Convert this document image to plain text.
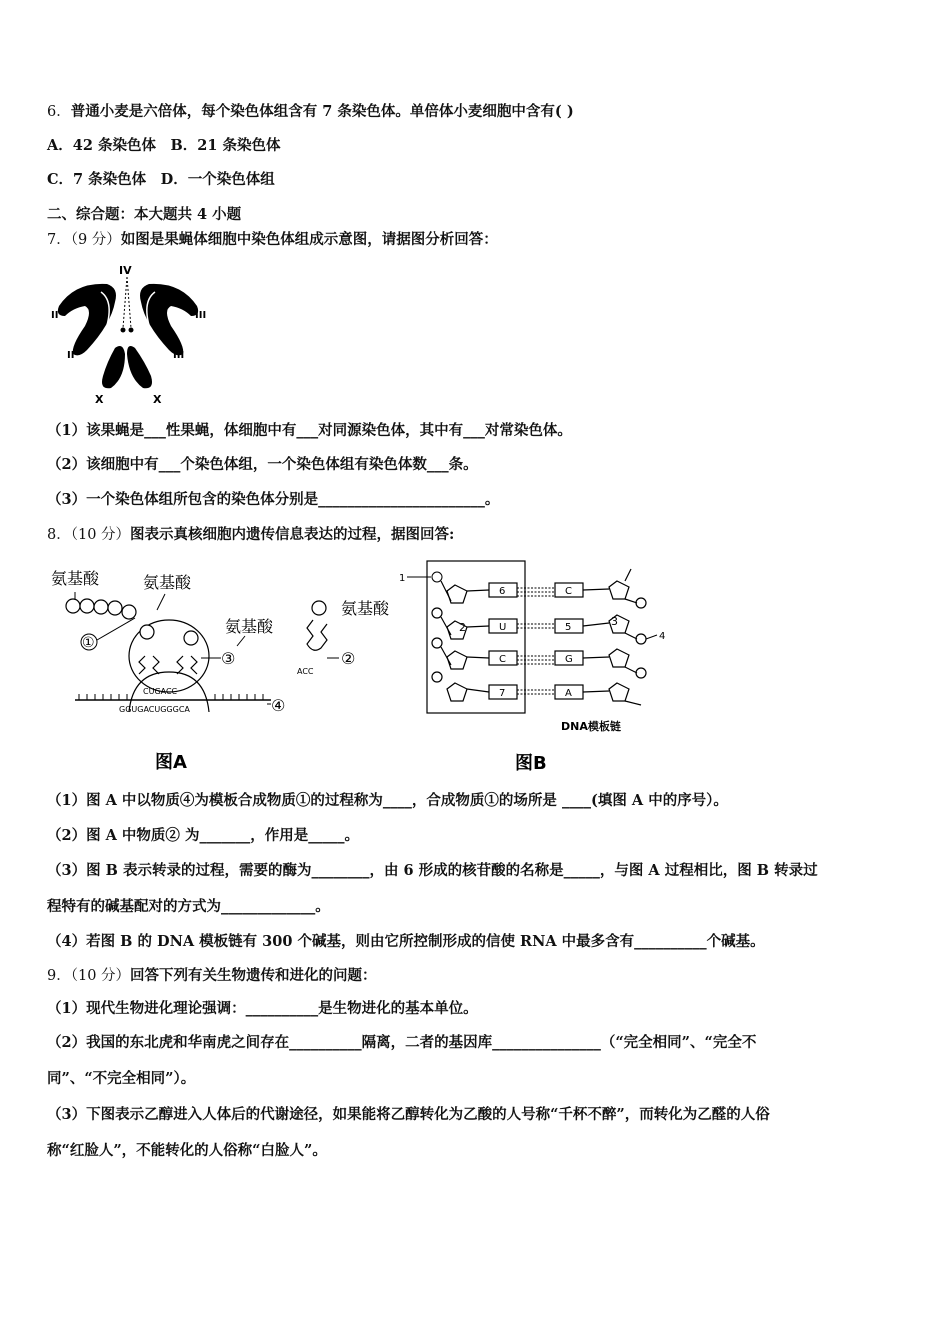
6．普通小麦是六倍体，每个染色体组含有 7 条染色体。单倍体小麦细胞中含有( )
A．42 条染色体　B．21 条染色体
C．7 条染色体　D．一个染色体组
二、综合题：本大题共 4 小题
7．（9 分）如图是果蝇体细胞中染色体组成示意图，请据图分析回答：
IV
II	III
II	III
X	X
（1）该果蝇是___性果蝇，体细胞中有___对同源染色体，其中有___对常染色体。
（2）该细胞中有___个染色体组，一个染色体组有染色体数___条。
（3）一个染色体组所包含的染色体分别是_______________________。
8．（10 分）图表示真核细胞内遗传信息表达的过程，据图回答:
氨基酸	氨基酸
氨基酸
氨基酸
①
③
CUGACC
GGUGACUGGGCA	④
ACC
②
图A
1
2
6
U
C
7
3
C
5
G
A
4
DNA模板链
图B
（1）图 A 中以物质④为模板合成物质①的过程称为____，合成物质①的场所是 ____(填图 A 中的序号）。
（2）图 A 中物质② 为_______，作用是_____。
（3）图 B 表示转录的过程，需要的酶为________，由 6 形成的核苷酸的名称是_____，与图 A 过程相比，图 B 转录过
程特有的碱基配对的方式为_____________。
（4）若图 B 的 DNA 模板链有 300 个碱基，则由它所控制形成的信使 RNA 中最多含有__________个碱基。
9．（10 分）回答下列有关生物遗传和进化的问题：
（1）现代生物进化理论强调：__________是生物进化的基本单位。
（2）我国的东北虎和华南虎之间存在__________隔离，二者的基因库_______________（“完全相同”、“完全不
同”、“不完全相同”）。
（3）下图表示乙醇进入人体后的代谢途径，如果能将乙醇转化为乙酸的人号称“千杯不醉”，而转化为乙醛的人俗
称“红脸人”，不能转化的人俗称“白脸人”。
